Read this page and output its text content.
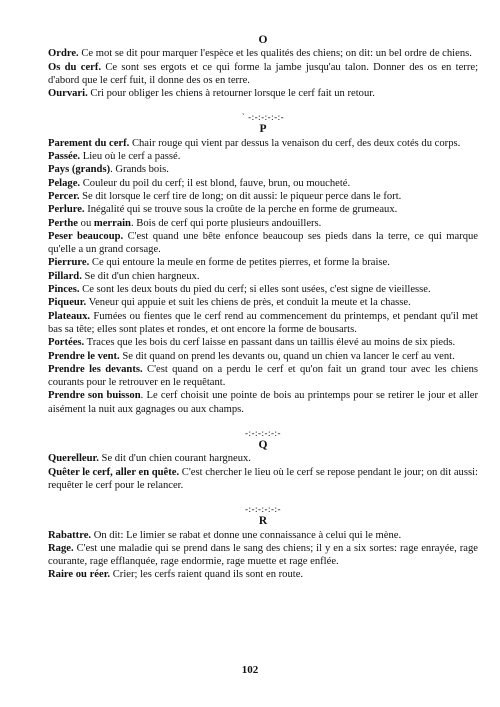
O
Ordre. Ce mot se dit pour marquer l'espèce et les qualités des chiens; on dit: un bel ordre de chiens.
Os du cerf. Ce sont ses ergots et ce qui forme la jambe jusqu'au talon. Donner des os en terre; d'abord que le cerf fuit, il donne des os en terre.
Ourvari. Cri pour obliger les chiens à retourner lorsque le cerf fait un retour.
` -:-:-:-:-:-
P
Parement du cerf. Chair rouge qui vient par dessus la venaison du cerf, des deux cotés du corps.
Passée. Lieu où le cerf a passé.
Pays (grands). Grands bois.
Pelage. Couleur du poil du cerf; il est blond, fauve, brun, ou moucheté.
Percer. Se dit lorsque le cerf tire de long; on dit aussi: le piqueur perce dans le fort.
Perlure. Inégalité qui se trouve sous la croûte de la perche en forme de grumeaux.
Perthe ou merrain. Bois de cerf qui porte plusieurs andouillers.
Peser beaucoup. C'est quand une bête enfonce beaucoup ses pieds dans la terre, ce qui marque qu'elle a un grand corsage.
Pierrure. Ce qui entoure la meule en forme de petites pierres, et forme la braise.
Pillard. Se dit d'un chien hargneux.
Pinces. Ce sont les deux bouts du pied du cerf; si elles sont usées, c'est signe de vieillesse.
Piqueur. Veneur qui appuie et suit les chiens de près, et conduit la meute et la chasse.
Plateaux. Fumées ou fientes que le cerf rend au commencement du printemps, et pendant qu'il met bas sa tête; elles sont plates et rondes, et ont encore la forme de bousarts.
Portées. Traces que les bois du cerf laisse en passant dans un taillis élevé au moins de six pieds.
Prendre le vent. Se dit quand on prend les devants ou, quand un chien va lancer le cerf au vent.
Prendre les devants. C'est quand on a perdu le cerf et qu'on fait un grand tour avec les chiens courants pour le retrouver en le requêtant.
Prendre son buisson. Le cerf choisit une pointe de bois au printemps pour se retirer le jour et aller aisément la nuit aux gagnages ou aux champs.
-:-:-:-:-:-
Q
Querelleur. Se dit d'un chien courant hargneux.
Quêter le cerf, aller en quête. C'est chercher le lieu où le cerf se repose pendant le jour; on dit aussi: requêter le cerf pour le relancer.
-:-:-:-:-:-
R
Rabattre. On dit: Le limier se rabat et donne une connaissance à celui qui le mène.
Rage. C'est une maladie qui se prend dans le sang des chiens; il y en a six sortes: rage enrayée, rage courante, rage efflanquée, rage endormie, rage muette et rage enflée.
Raire ou réer. Crier; les cerfs raient quand ils sont en route.
102
